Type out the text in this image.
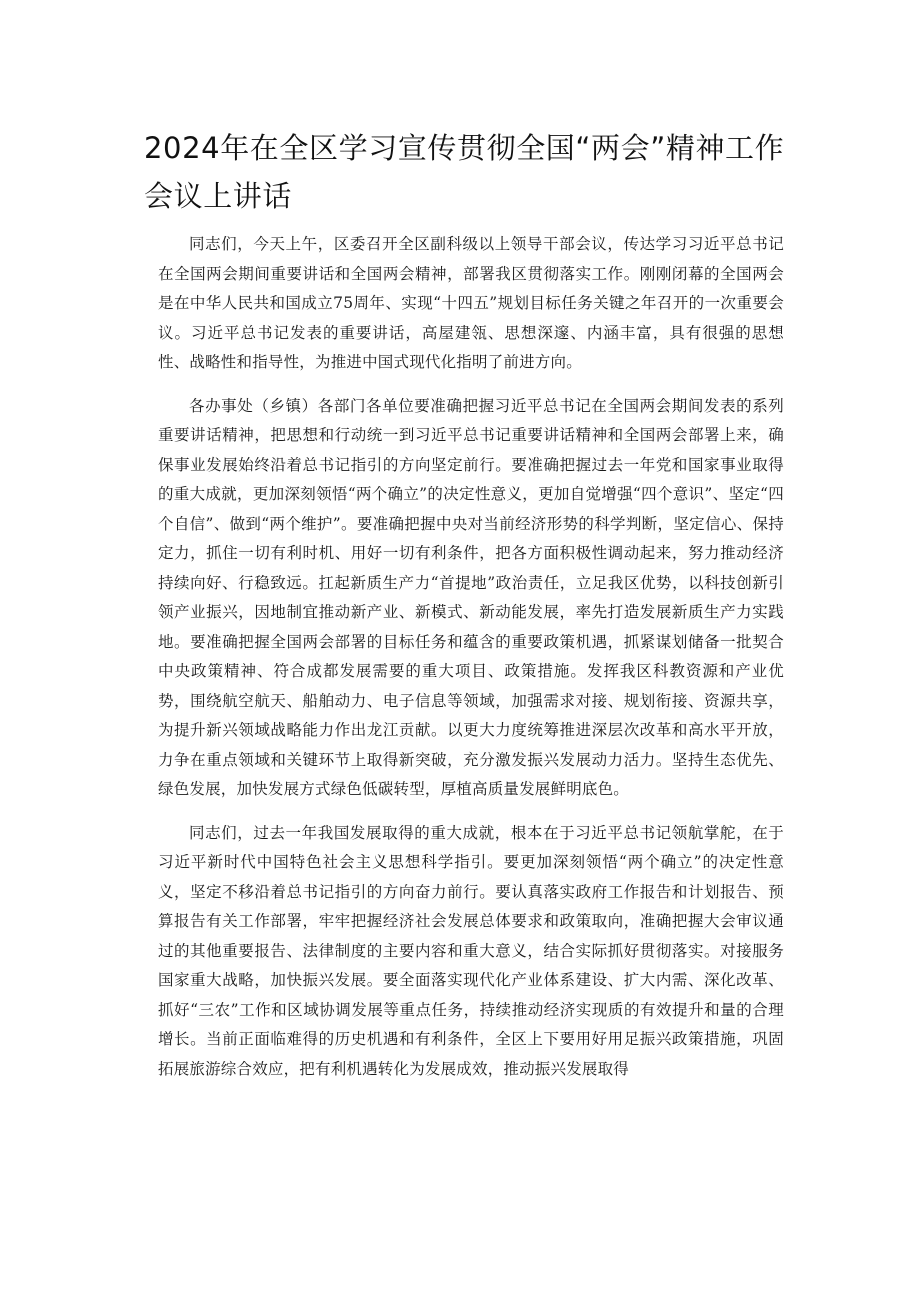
2024年在全区学习宣传贯彻全国“两会”精神工作会议上讲话

同志们，今天上午，区委召开全区副科级以上领导干部会议，传达学习习近平总书记在全国两会期间重要讲话和全国两会精神，部署我区贯彻落实工作。刚刚闭幕的全国两会是在中华人民共和国成立75周年、实现“十四五”规划目标任务关键之年召开的一次重要会议。习近平总书记发表的重要讲话，高屋建瓴、思想深邃、内涵丰富，具有很强的思想性、战略性和指导性，为推进中国式现代化指明了前进方向。

各办事处（乡镇）各部门各单位要准确把握习近平总书记在全国两会期间发表的系列重要讲话精神，把思想和行动统一到习近平总书记重要讲话精神和全国两会部署上来，确保事业发展始终沿着总书记指引的方向坚定前行。要准确把握过去一年党和国家事业取得的重大成就，更加深刻领悟“两个确立”的决定性意义，更加自觉增强“四个意识”、坚定“四个自信”、做到“两个维护”。要准确把握中央对当前经济形势的科学判断，坚定信心、保持定力，抓住一切有利时机、用好一切有利条件，把各方面积极性调动起来，努力推动经济持续向好、行稳致远。扛起新质生产力“首提地”政治责任，立足我区优势，以科技创新引领产业振兴，因地制宜推动新产业、新模式、新动能发展，率先打造发展新质生产力实践地。要准确把握全国两会部署的目标任务和蕴含的重要政策机遇，抓紧谋划储备一批契合中央政策精神、符合成都发展需要的重大项目、政策措施。发挥我区科教资源和产业优势，围绕航空航天、船舶动力、电子信息等领域，加强需求对接、规划衔接、资源共享，为提升新兴领域战略能力作出龙江贡献。以更大力度统筹推进深层次改革和高水平开放，力争在重点领域和关键环节上取得新突破，充分激发振兴发展动力活力。坚持生态优先、绿色发展，加快发展方式绿色低碳转型，厚植高质量发展鲜明底色。

同志们，过去一年我国发展取得的重大成就，根本在于习近平总书记领航掌舵，在于习近平新时代中国特色社会主义思想科学指引。要更加深刻领悟“两个确立”的决定性意义，坚定不移沿着总书记指引的方向奋力前行。要认真落实政府工作报告和计划报告、预算报告有关工作部署，牢牢把握经济社会发展总体要求和政策取向，准确把握大会审议通过的其他重要报告、法律制度的主要内容和重大意义，结合实际抓好贯彻落实。对接服务国家重大战略，加快振兴发展。要全面落实现代化产业体系建设、扩大内需、深化改革、抓好“三农”工作和区域协调发展等重点任务，持续推动经济实现质的有效提升和量的合理增长。当前正面临难得的历史机遇和有利条件，全区上下要用好用足振兴政策措施，巩固拓展旅游综合效应，把有利机遇转化为发展成效，推动振兴发展取得
